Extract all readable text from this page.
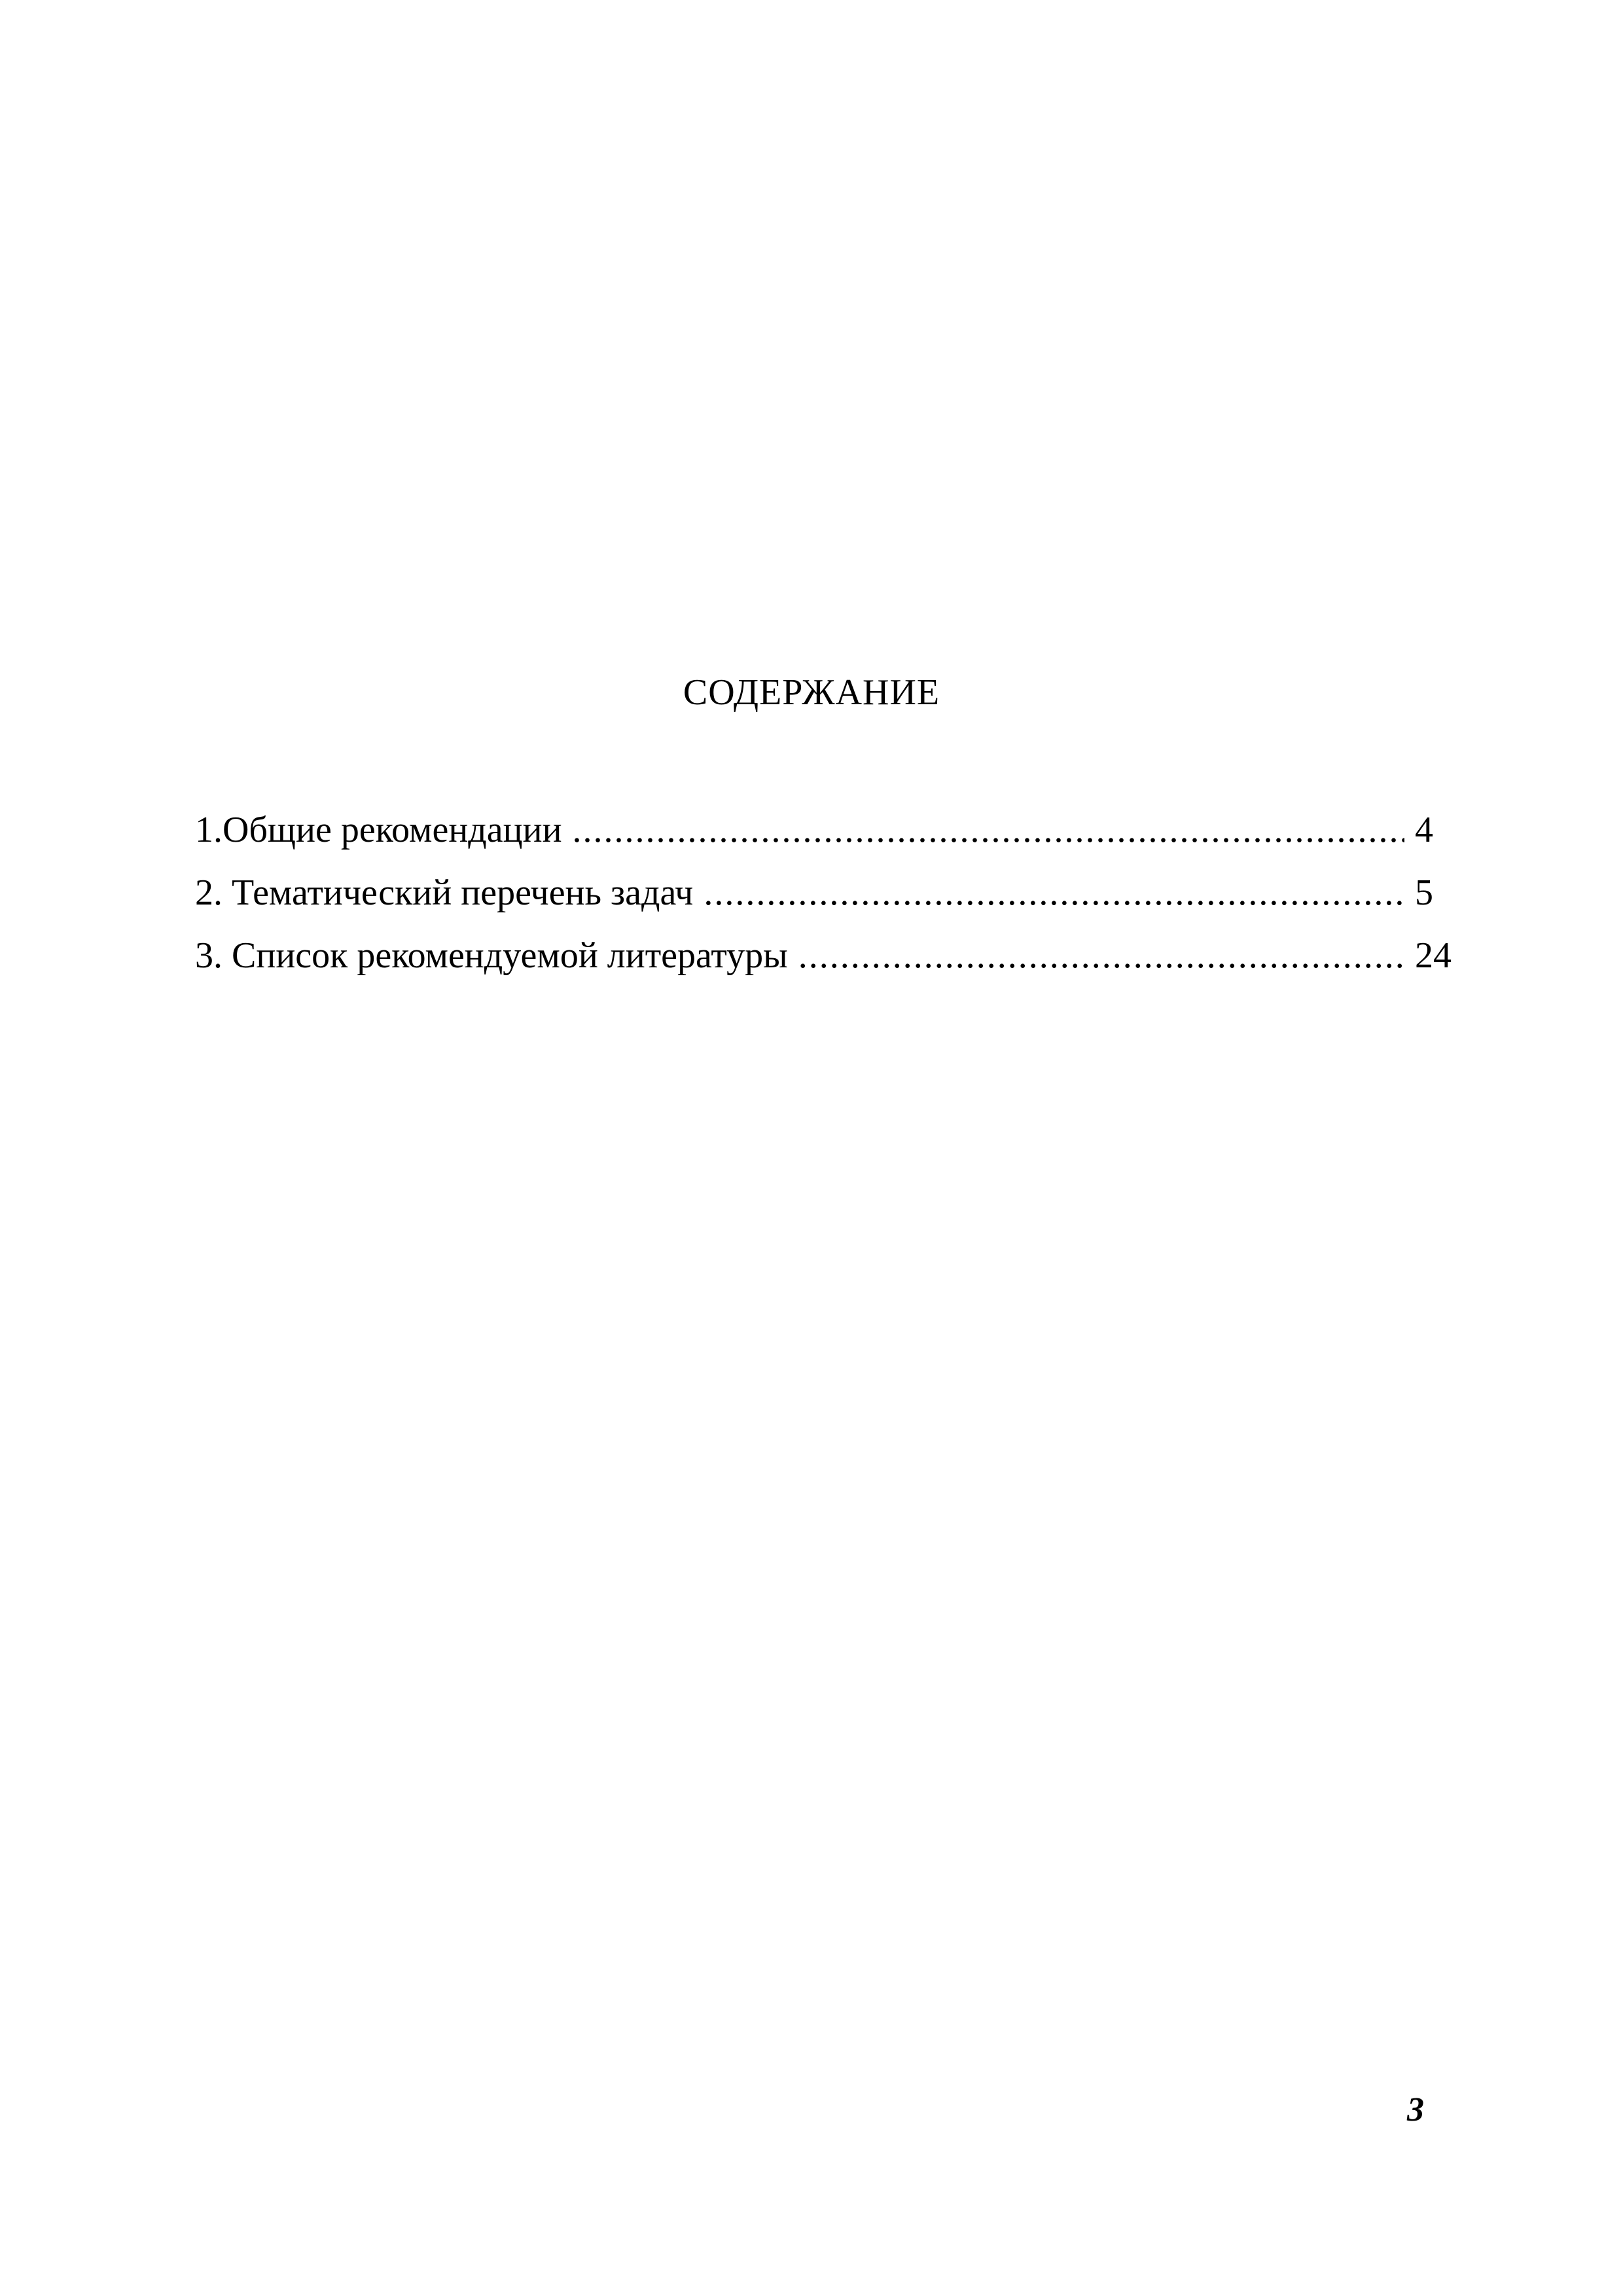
СОДЕРЖАНИЕ
1.Общие рекомендации .....	4
2. Тематический перечень задач .....	5
3. Список рекомендуемой литературы .....	24
3
